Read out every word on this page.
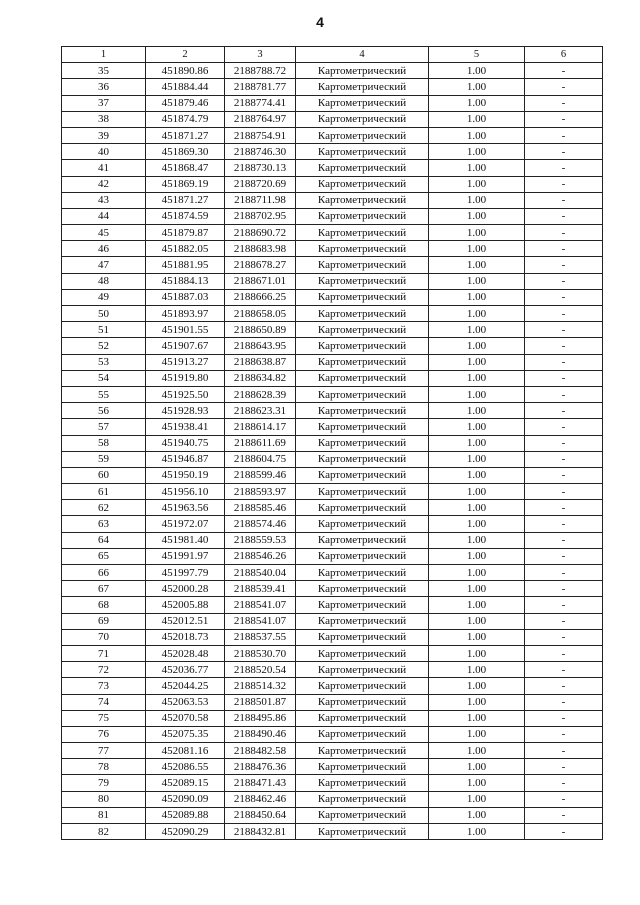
4
1	2	3	4	5	6
35	451890.86	2188788.72	Картометрический	1.00	-
36	451884.44	2188781.77	Картометрический	1.00	-
37	451879.46	2188774.41	Картометрический	1.00	-
38	451874.79	2188764.97	Картометрический	1.00	-
39	451871.27	2188754.91	Картометрический	1.00	-
40	451869.30	2188746.30	Картометрический	1.00	-
41	451868.47	2188730.13	Картометрический	1.00	-
42	451869.19	2188720.69	Картометрический	1.00	-
43	451871.27	2188711.98	Картометрический	1.00	-
44	451874.59	2188702.95	Картометрический	1.00	-
45	451879.87	2188690.72	Картометрический	1.00	-
46	451882.05	2188683.98	Картометрический	1.00	-
47	451881.95	2188678.27	Картометрический	1.00	-
48	451884.13	2188671.01	Картометрический	1.00	-
49	451887.03	2188666.25	Картометрический	1.00	-
50	451893.97	2188658.05	Картометрический	1.00	-
51	451901.55	2188650.89	Картометрический	1.00	-
52	451907.67	2188643.95	Картометрический	1.00	-
53	451913.27	2188638.87	Картометрический	1.00	-
54	451919.80	2188634.82	Картометрический	1.00	-
55	451925.50	2188628.39	Картометрический	1.00	-
56	451928.93	2188623.31	Картометрический	1.00	-
57	451938.41	2188614.17	Картометрический	1.00	-
58	451940.75	2188611.69	Картометрический	1.00	-
59	451946.87	2188604.75	Картометрический	1.00	-
60	451950.19	2188599.46	Картометрический	1.00	-
61	451956.10	2188593.97	Картометрический	1.00	-
62	451963.56	2188585.46	Картометрический	1.00	-
63	451972.07	2188574.46	Картометрический	1.00	-
64	451981.40	2188559.53	Картометрический	1.00	-
65	451991.97	2188546.26	Картометрический	1.00	-
66	451997.79	2188540.04	Картометрический	1.00	-
67	452000.28	2188539.41	Картометрический	1.00	-
68	452005.88	2188541.07	Картометрический	1.00	-
69	452012.51	2188541.07	Картометрический	1.00	-
70	452018.73	2188537.55	Картометрический	1.00	-
71	452028.48	2188530.70	Картометрический	1.00	-
72	452036.77	2188520.54	Картометрический	1.00	-
73	452044.25	2188514.32	Картометрический	1.00	-
74	452063.53	2188501.87	Картометрический	1.00	-
75	452070.58	2188495.86	Картометрический	1.00	-
76	452075.35	2188490.46	Картометрический	1.00	-
77	452081.16	2188482.58	Картометрический	1.00	-
78	452086.55	2188476.36	Картометрический	1.00	-
79	452089.15	2188471.43	Картометрический	1.00	-
80	452090.09	2188462.46	Картометрический	1.00	-
81	452089.88	2188450.64	Картометрический	1.00	-
82	452090.29	2188432.81	Картометрический	1.00	-
